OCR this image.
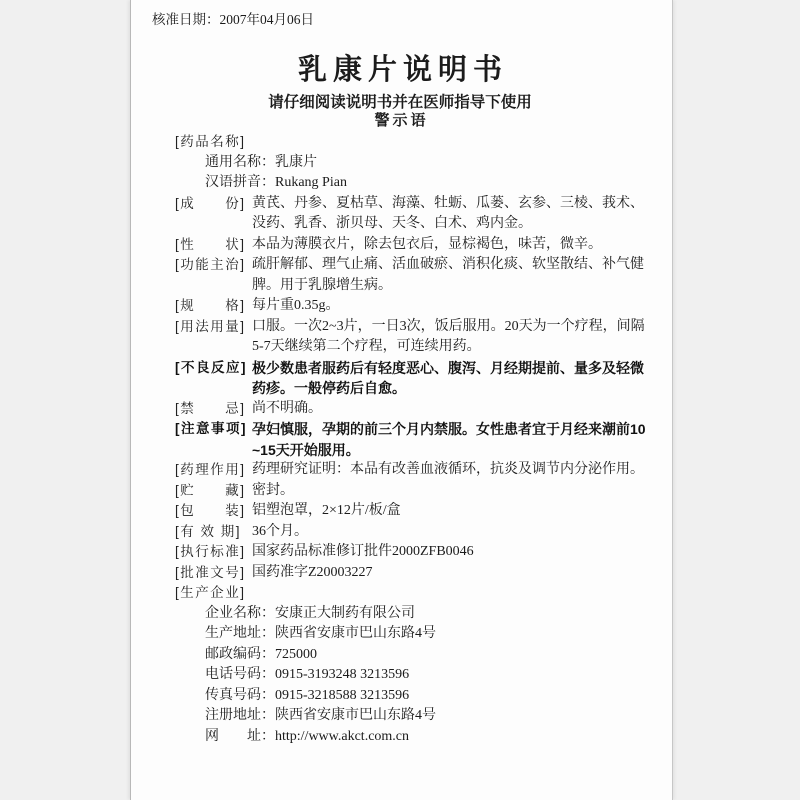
核准日期：2007年04月06日
乳康片说明书
请仔细阅读说明书并在医师指导下使用
警示语
[药品名称]
通用名称：乳康片
汉语拼音：Rukang Pian
[成　　份] 黄芪、丹参、夏枯草、海藻、牡蛎、瓜蒌、玄参、三棱、莪术、
没药、乳香、浙贝母、天冬、白术、鸡内金。
[性　　状] 本品为薄膜衣片，除去包衣后，显棕褐色，味苦，微辛。
[功能主治] 疏肝解郁、理气止痛、活血破瘀、消积化痰、软坚散结、补气健
脾。用于乳腺增生病。
[规　　格] 每片重0.35g。
[用法用量] 口服。一次2~3片，一日3次，饭后服用。20天为一个疗程，间隔
5-7天继续第二个疗程，可连续用药。
[不良反应] 极少数患者服药后有轻度恶心、腹泻、月经期提前、量多及轻微
药疹。一般停药后自愈。
[禁　　忌] 尚不明确。
[注意事项] 孕妇慎服，孕期的前三个月内禁服。女性患者宜于月经来潮前10
~15天开始服用。
[药理作用] 药理研究证明：本品有改善血液循环，抗炎及调节内分泌作用。
[贮　　藏] 密封。
[包　　装] 铝塑泡罩，2×12片/板/盒
[有 效 期] 36个月。
[执行标准] 国家药品标准修订批件2000ZFB0046
[批准文号] 国药准字Z20003227
[生产企业]
企业名称：安康正大制药有限公司
生产地址：陕西省安康市巴山东路4号
邮政编码：725000
电话号码：0915-3193248 3213596
传真号码：0915-3218588 3213596
注册地址：陕西省安康市巴山东路4号
网　　址：http://www.akct.com.cn
